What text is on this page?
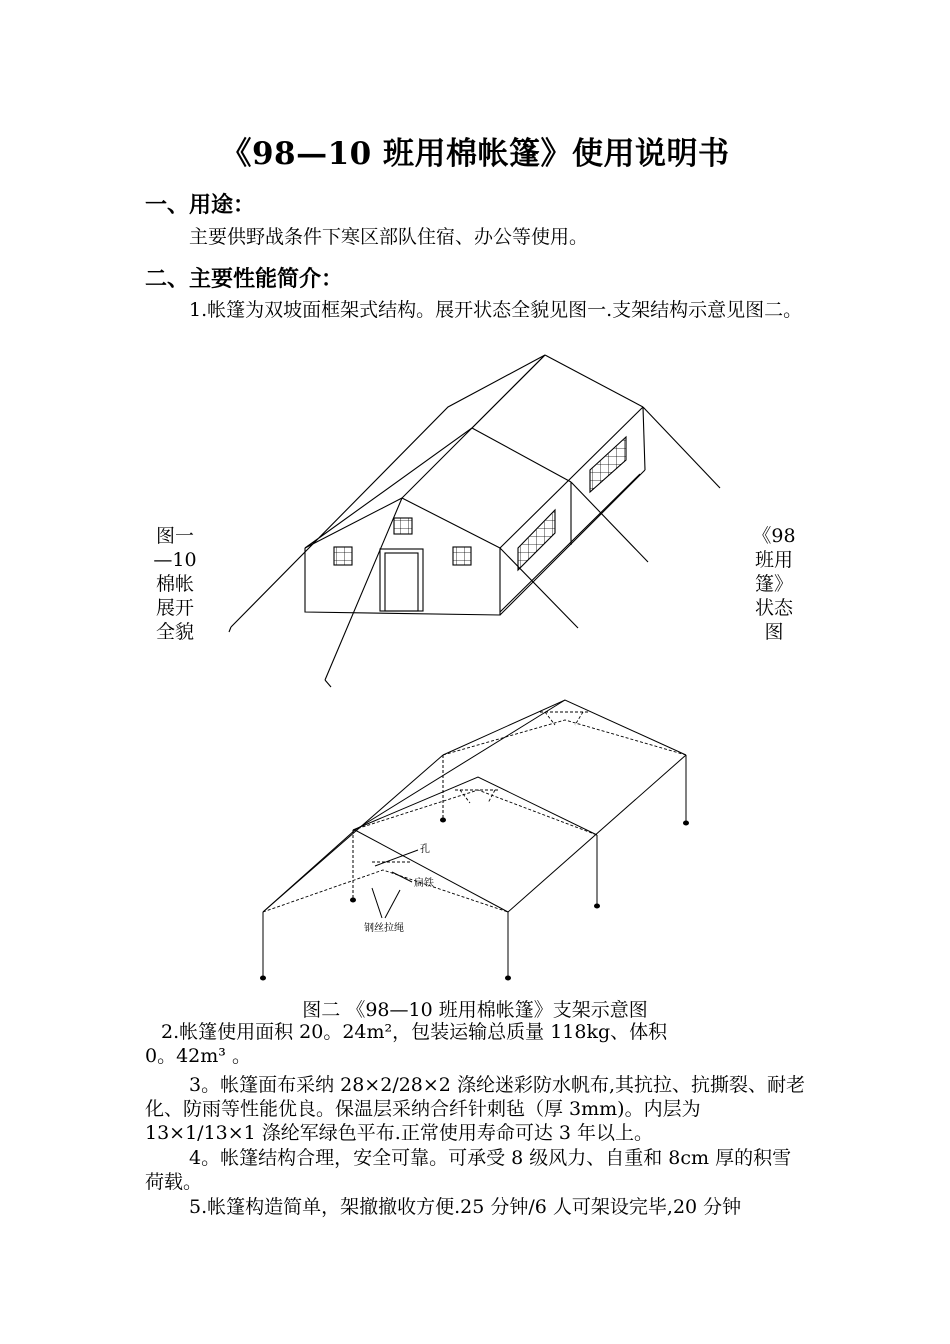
《98—10 班用棉帐篷》使用说明书
一、用途：

主要供野战条件下寒区部队住宿、办公等使用。

二、主要性能简介：

1.帐篷为双坡面框架式结构。展开状态全貌见图一.支架结构示意见图二。

图一
—10
棉帐
展开
全貌
《98
班用
篷》
状态
图
孔
扁铁
钢丝拉绳
图二 《98—10 班用棉帐篷》支架示意图
2.帐篷使用面积 20。24m²，包装运输总质量 118kg、体积
0。42m³ 。

3。帐篷面布采纳 28×2/28×2 涤纶迷彩防水帆布,其抗拉、抗撕裂、耐老化、防雨等性能优良。保温层采纳合纤针刺毡（厚 3mm)。内层为 13×1/13×1 涤纶军绿色平布.正常使用寿命可达 3 年以上。

4。帐篷结构合理，安全可靠。可承受 8 级风力、自重和 8cm 厚的积雪荷载。

5.帐篷构造简单，架撤撤收方便.25 分钟/6 人可架设完毕,20 分钟
